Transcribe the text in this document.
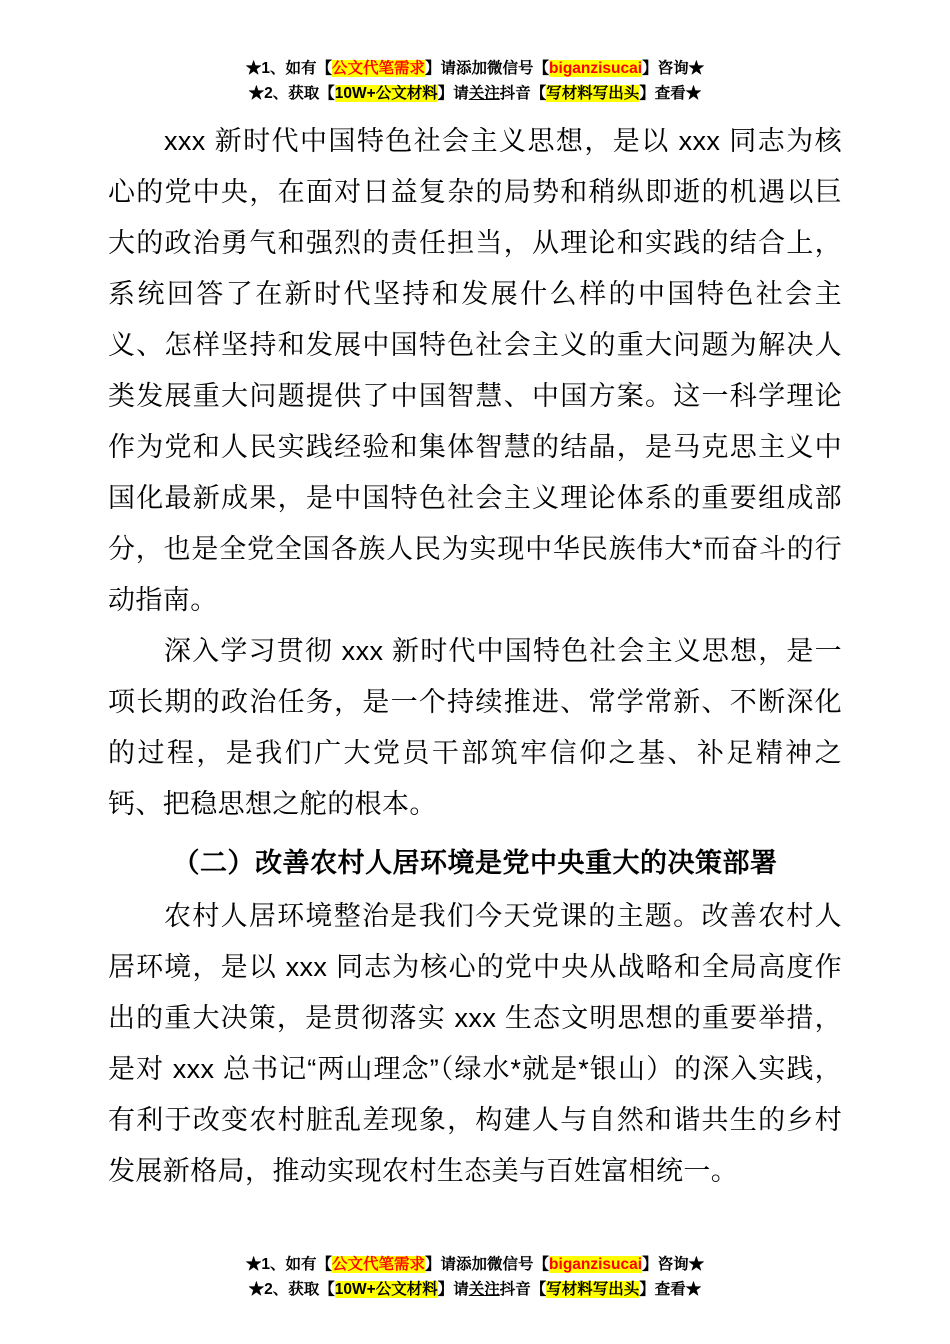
★1、如有【公文代笔需求】请添加微信号【biganzisucai】咨询★
★2、获取【10W+公文材料】请关注抖音【写材料写出头】查看★

xxx 新时代中国特色社会主义思想，是以 xxx 同志为核心的党中央，在面对日益复杂的局势和稍纵即逝的机遇以巨大的政治勇气和强烈的责任担当，从理论和实践的结合上，系统回答了在新时代坚持和发展什么样的中国特色社会主义、怎样坚持和发展中国特色社会主义的重大问题为解决人类发展重大问题提供了中国智慧、中国方案。这一科学理论作为党和人民实践经验和集体智慧的结晶，是马克思主义中国化最新成果，是中国特色社会主义理论体系的重要组成部分，也是全党全国各族人民为实现中华民族伟大*而奋斗的行动指南。

深入学习贯彻 xxx 新时代中国特色社会主义思想，是一项长期的政治任务，是一个持续推进、常学常新、不断深化的过程，是我们广大党员干部筑牢信仰之基、补足精神之钙、把稳思想之舵的根本。

（二）改善农村人居环境是党中央重大的决策部署

农村人居环境整治是我们今天党课的主题。改善农村人居环境，是以 xxx 同志为核心的党中央从战略和全局高度作出的重大决策，是贯彻落实 xxx 生态文明思想的重要举措，是对 xxx 总书记“两山理念”（绿水*就是*银山）的深入实践，有利于改变农村脏乱差现象，构建人与自然和谐共生的乡村发展新格局，推动实现农村生态美与百姓富相统一。

★1、如有【公文代笔需求】请添加微信号【biganzisucai】咨询★
★2、获取【10W+公文材料】请关注抖音【写材料写出头】查看★
